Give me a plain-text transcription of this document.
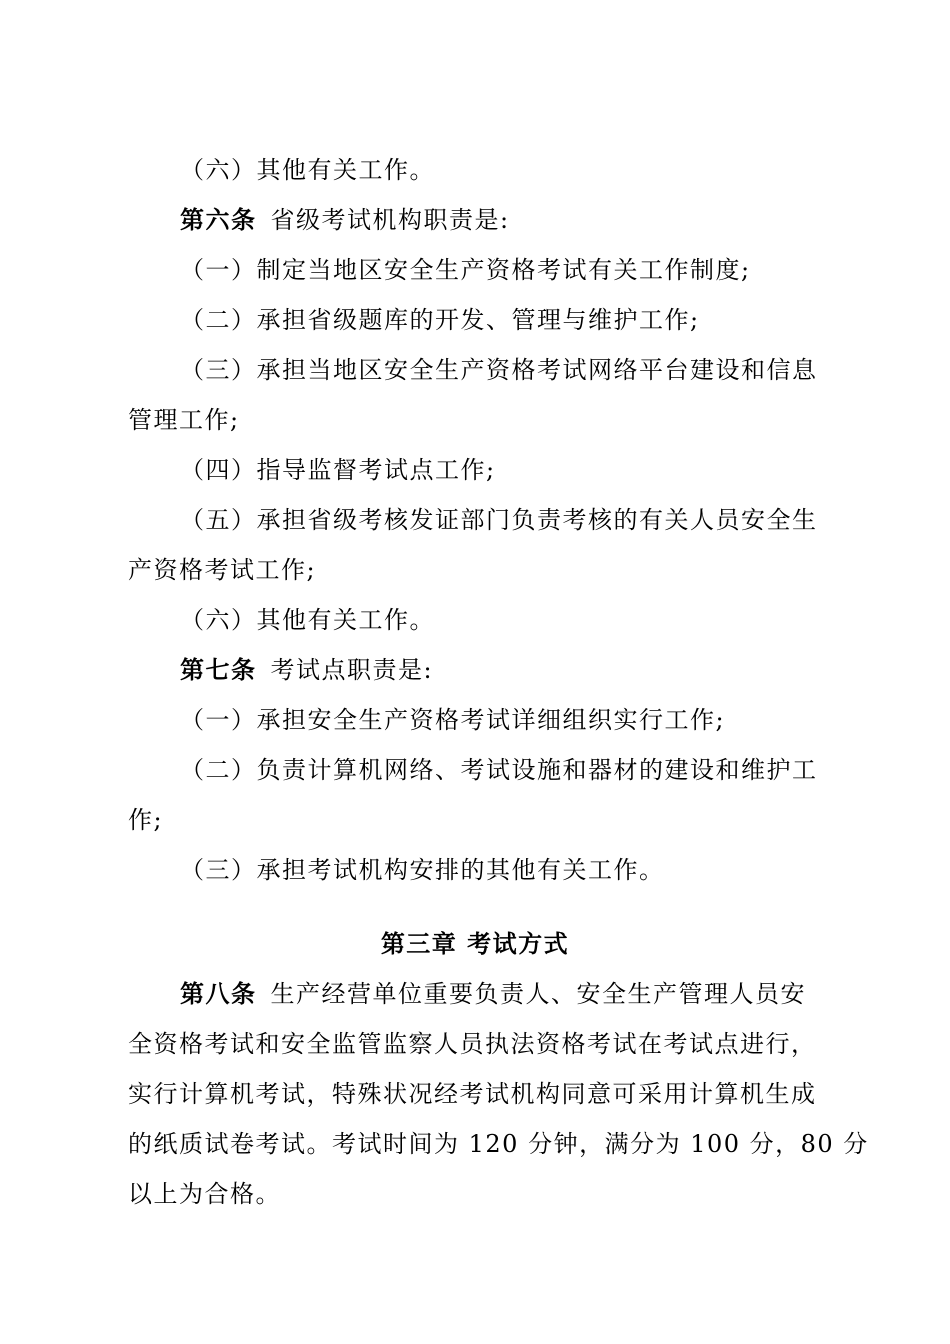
（六）其他有关工作。
第六条 省级考试机构职责是:
（一）制定当地区安全生产资格考试有关工作制度;
（二）承担省级题库的开发、管理与维护工作;
（三）承担当地区安全生产资格考试网络平台建设和信息
管理工作;
（四）指导监督考试点工作;
（五）承担省级考核发证部门负责考核的有关人员安全生
产资格考试工作;
（六）其他有关工作。
第七条 考试点职责是:
（一）承担安全生产资格考试详细组织实行工作;
（二）负责计算机网络、考试设施和器材的建设和维护工
作;
（三）承担考试机构安排的其他有关工作。
第三章 考试方式
第八条 生产经营单位重要负责人、安全生产管理人员安
全资格考试和安全监管监察人员执法资格考试在考试点进行，
实行计算机考试，特殊状况经考试机构同意可采用计算机生成
的纸质试卷考试。考试时间为 120 分钟，满分为 100 分，80 分
以上为合格。
